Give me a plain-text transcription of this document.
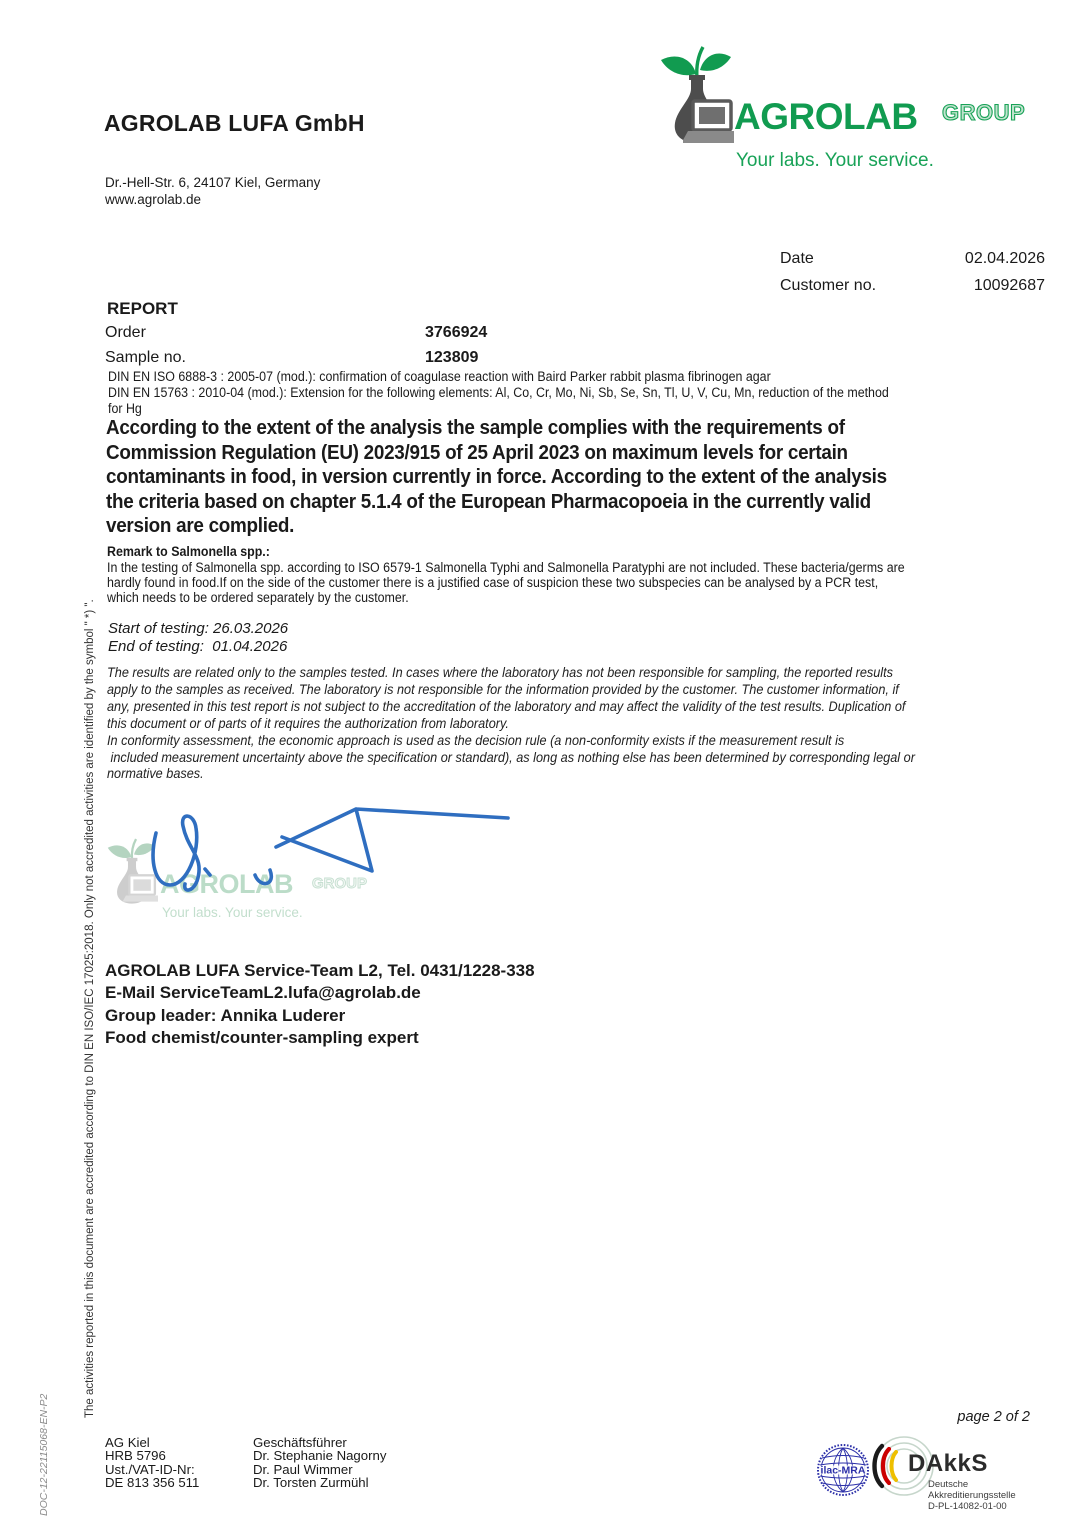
AGROLAB LUFA GmbH
Dr.-Hell-Str. 6, 24107 Kiel, Germany
www.agrolab.de
AGROLAB GROUP
Your labs. Your service.
Date	02.04.2026
Customer no.	10092687
REPORT
Order	3766924
Sample no.	123809
DIN EN ISO 6888-3 : 2005-07 (mod.): confirmation of coagulase reaction with Baird Parker rabbit plasma fibrinogen agar
DIN EN 15763 : 2010-04 (mod.): Extension for the following elements: Al, Co, Cr, Mo, Ni, Sb, Se, Sn, Tl, U, V, Cu, Mn, reduction of the method
for Hg
According to the extent of the analysis the sample complies with the requirements of
Commission Regulation (EU) 2023/915 of 25 April 2023 on maximum levels for certain
contaminants in food, in version currently in force. According to the extent of the analysis
the criteria based on chapter 5.1.4 of the European Pharmacopoeia in the currently valid
version are complied.
Remark to Salmonella spp.:
In the testing of Salmonella spp. according to ISO 6579-1 Salmonella Typhi and Salmonella Paratyphi are not included. These bacteria/germs are
hardly found in food.If on the side of the customer there is a justified case of suspicion these two subspecies can be analysed by a PCR test,
which needs to be ordered separately by the customer.
Start of testing: 26.03.2026
End of testing:  01.04.2026
The results are related only to the samples tested. In cases where the laboratory has not been responsible for sampling, the reported results
apply to the samples as received. The laboratory is not responsible for the information provided by the customer. The customer information, if
any, presented in this test report is not subject to the accreditation of the laboratory and may affect the validity of the test results. Duplication of
this document or of parts of it requires the authorization from laboratory.
In conformity assessment, the economic approach is used as the decision rule (a non-conformity exists if the measurement result is
included measurement uncertainty above the specification or standard), as long as nothing else has been determined by corresponding legal or
normative bases.
AGROLAB GROUP
Your labs. Your service.
AGROLAB LUFA Service-Team L2, Tel. 0431/1228-338
E-Mail ServiceTeamL2.lufa@agrolab.de
Group leader: Annika Luderer
Food chemist/counter-sampling expert
AG Kiel
HRB 5796
Ust./VAT-ID-Nr:
DE 813 356 511
Geschäftsführer
Dr. Stephanie Nagorny
Dr. Paul Wimmer
Dr. Torsten Zurmühl
page 2 of 2
ilac-MRA DAkkS
Deutsche
Akkreditierungsstelle
D-PL-14082-01-00
The activities reported in this document are accredited according to DIN EN ISO/IEC 17025:2018. Only not accredited activities are identified by the symbol " *) ".
DOC-12-22115068-EN-P2
